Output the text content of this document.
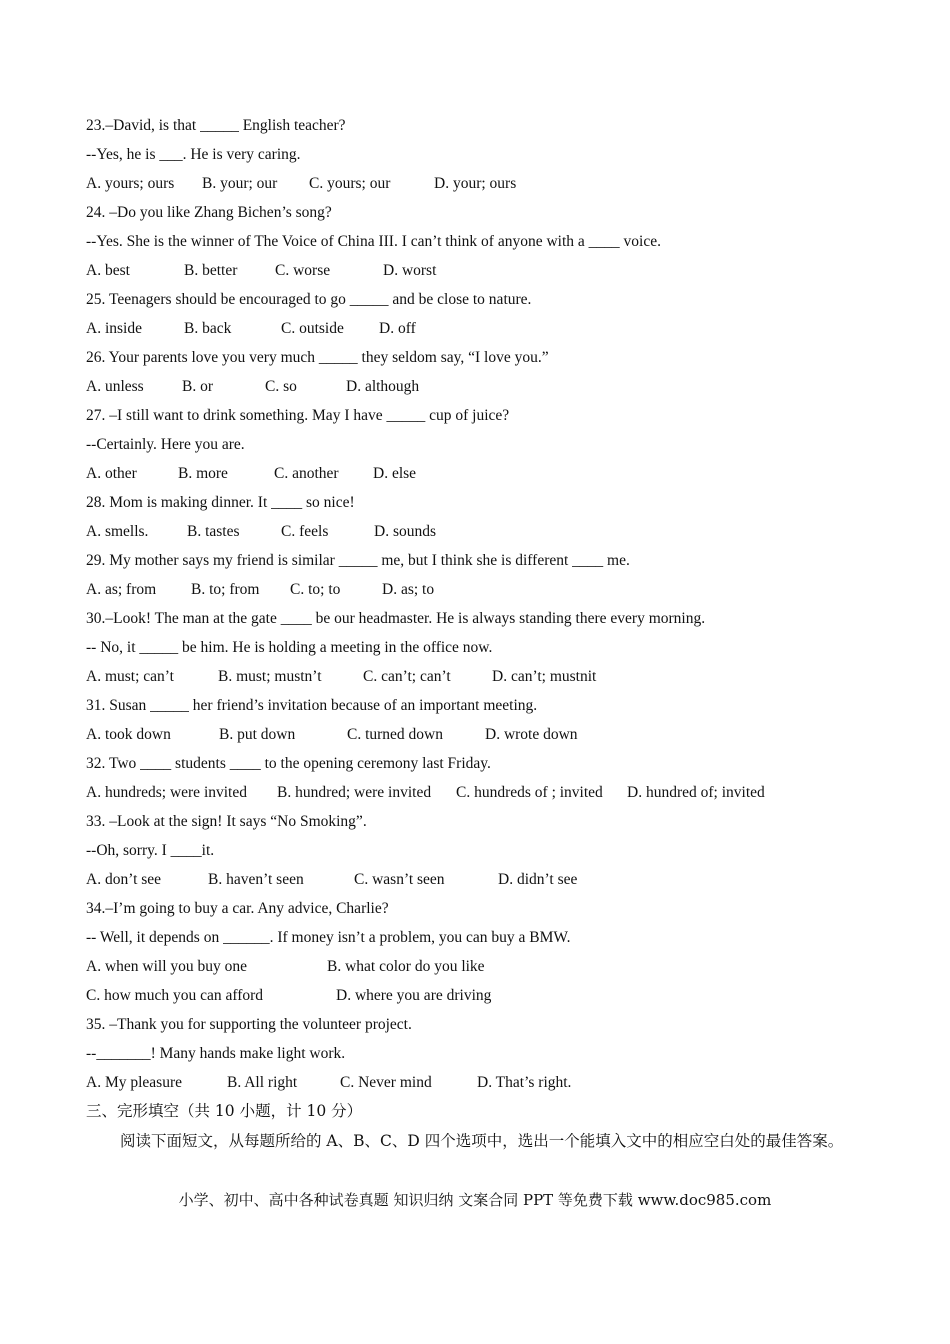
23.–David, is that _____ English teacher?
--Yes, he is ___. He is very caring.
A. yours; ours	B. your; our	C. yours; our	D. your; ours
24. –Do you like Zhang Bichen’s song?
--Yes. She is the winner of The Voice of China III. I can’t think of anyone with a ____ voice.
A. best	B. better	C. worse	D. worst
25. Teenagers should be encouraged to go _____ and be close to nature.
A. inside	B. back	C. outside	D. off
26. Your parents love you very much _____ they seldom say, “I love you.”
A. unless	B. or	C. so	D. although
27. –I still want to drink something. May I have _____ cup of juice?
--Certainly. Here you are.
A. other	B. more	C. another	D. else
28. Mom is making dinner. It ____ so nice!
A. smells.	B. tastes	C. feels	D. sounds
29. My mother says my friend is similar _____ me, but I think she is different ____ me.
A. as; from	B. to; from	C. to; to	D. as; to
30.–Look! The man at the gate ____ be our headmaster. He is always standing there every morning.
-- No, it _____ be him. He is holding a meeting in the office now.
A. must; can’t	B. must; mustn’t	C. can’t; can’t	D. can’t; mustnit
31. Susan _____ her friend’s invitation because of an important meeting.
A. took down	B. put down	C. turned down	D. wrote down
32. Two ____ students ____ to the opening ceremony last Friday.
A. hundreds; were invited	B. hundred; were invited	C. hundreds of ; invited	D. hundred of; invited
33. –Look at the sign! It says “No Smoking”.
--Oh, sorry. I ____it.
A. don’t see	B. haven’t seen	C. wasn’t seen	D. didn’t see
34.–I’m going to buy a car. Any advice, Charlie?
-- Well, it depends on ______. If money isn’t a problem, you can buy a BMW.
A. when will you buy one	B. what color do you like
C. how much you can afford	D. where you are driving
35. –Thank you for supporting the volunteer project.
--_______! Many hands make light work.
A. My pleasure	B. All right	C. Never mind	D. That’s right.
三、完形填空（共 10 小题，计 10 分）
阅读下面短文，从每题所给的 A、B、C、D 四个选项中，选出一个能填入文中的相应空白处的最佳答案。
小学、初中、高中各种试卷真题 知识归纳 文案合同 PPT 等免费下载 www.doc985.com
